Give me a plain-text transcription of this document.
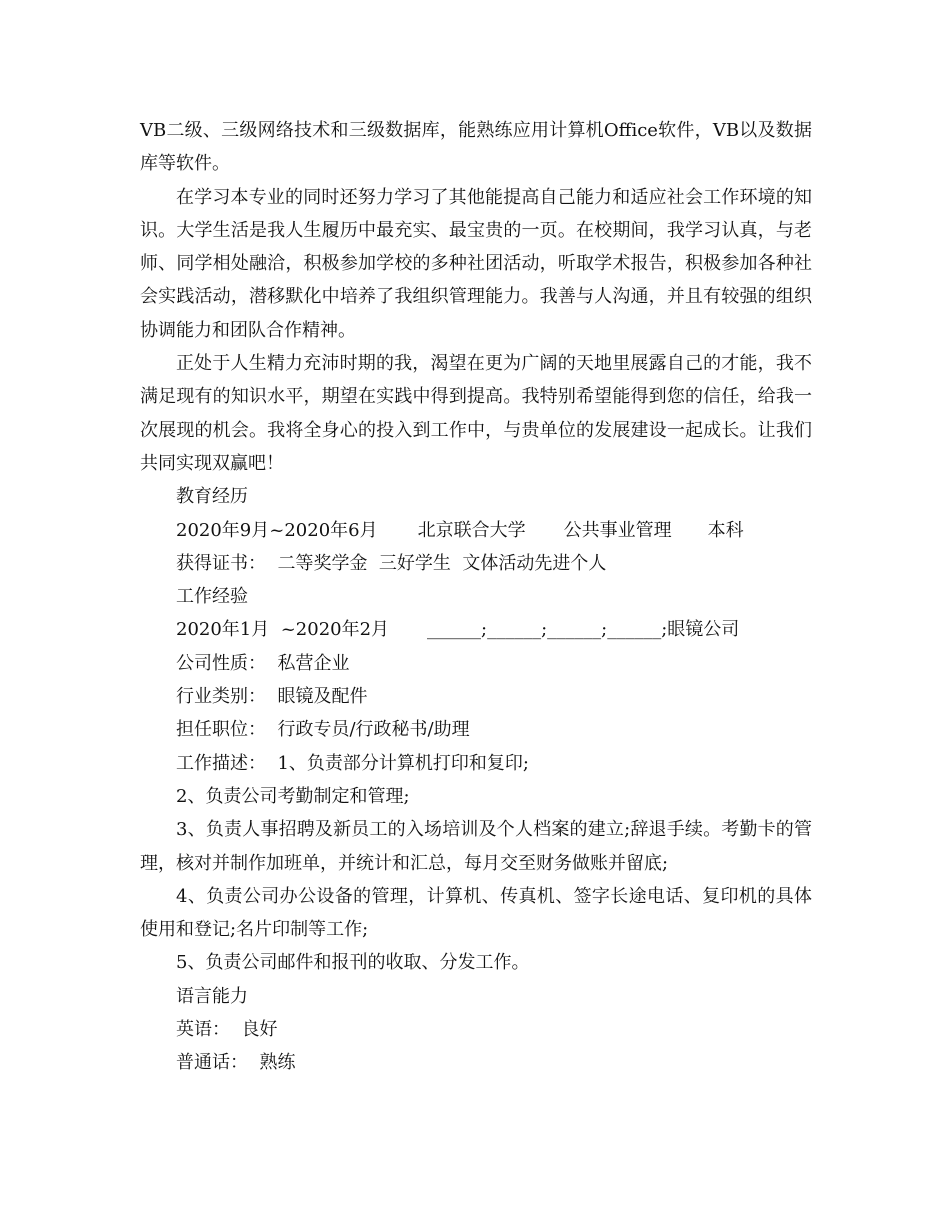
VB二级、三级网络技术和三级数据库，能熟练应用计算机Office软件，VB以及数据库等软件。

在学习本专业的同时还努力学习了其他能提高自己能力和适应社会工作环境的知识。大学生活是我人生履历中最充实、最宝贵的一页。在校期间，我学习认真，与老师、同学相处融洽，积极参加学校的多种社团活动，听取学术报告，积极参加各种社会实践活动，潜移默化中培养了我组织管理能力。我善与人沟通，并且有较强的组织协调能力和团队合作精神。

正处于人生精力充沛时期的我，渴望在更为广阔的天地里展露自己的才能，我不满足现有的知识水平，期望在实践中得到提高。我特别希望能得到您的信任，给我一次展现的机会。我将全身心的投入到工作中，与贵单位的发展建设一起成长。让我们共同实现双赢吧！

教育经历

2020年9月~2020年6月 北京联合大学 公共事业管理 本科

获得证书：  二等奖学金  三好学生  文体活动先进个人

工作经验

2020年1月  ~2020年2月 ______;______;______;______;眼镜公司

公司性质：  私营企业

行业类别：  眼镜及配件

担任职位：  行政专员/行政秘书/助理

工作描述：  1、负责部分计算机打印和复印;

2、负责公司考勤制定和管理;

3、负责人事招聘及新员工的入场培训及个人档案的建立;辞退手续。考勤卡的管理，核对并制作加班单，并统计和汇总，每月交至财务做账并留底;

4、负责公司办公设备的管理，计算机、传真机、签字长途电话、复印机的具体使用和登记;名片印制等工作;

5、负责公司邮件和报刊的收取、分发工作。

语言能力

英语：  良好

普通话：  熟练
